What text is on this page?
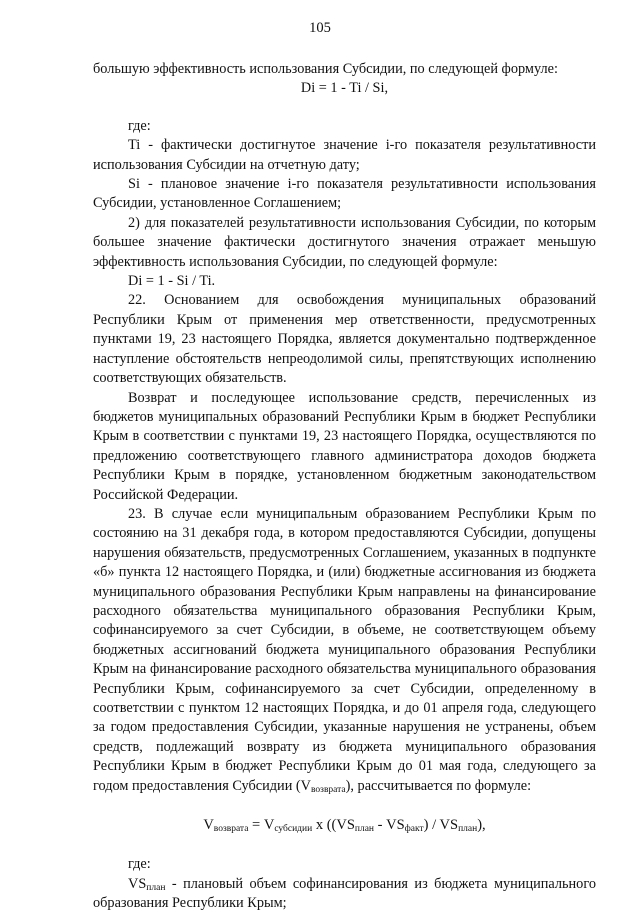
105

большую эффективность использования Субсидии, по следующей формуле:

Di = 1 - Ti / Si,

где:

Ti - фактически достигнутое значение i-го показателя результативности использования Субсидии на отчетную дату;

Si - плановое значение i-го показателя результативности использования Субсидии, установленное Соглашением;

2) для показателей результативности использования Субсидии, по которым большее значение фактически достигнутого значения отражает меньшую эффективность использования Субсидии, по следующей формуле:

Di = 1 - Si / Ti.

22. Основанием для освобождения муниципальных образований Республики Крым от применения мер ответственности, предусмотренных пунктами 19, 23 настоящего Порядка, является документально подтвержденное наступление обстоятельств непреодолимой силы, препятствующих исполнению соответствующих обязательств.

Возврат и последующее использование средств, перечисленных из бюджетов муниципальных образований Республики Крым в бюджет Республики Крым в соответствии с пунктами 19, 23 настоящего Порядка, осуществляются по предложению соответствующего главного администратора доходов бюджета Республики Крым в порядке, установленном бюджетным законодательством Российской Федерации.

23. В случае если муниципальным образованием Республики Крым по состоянию на 31 декабря года, в котором предоставляются Субсидии, допущены нарушения обязательств, предусмотренных Соглашением, указанных в подпункте «б» пункта 12 настоящего Порядка, и (или) бюджетные ассигнования из бюджета муниципального образования Республики Крым направлены на финансирование расходного обязательства муниципального образования Республики Крым, софинансируемого за счет Субсидии, в объеме, не соответствующем объему бюджетных ассигнований бюджета муниципального образования Республики Крым на финансирование расходного обязательства муниципального образования Республики Крым, софинансируемого за счет Субсидии, определенному в соответствии с пунктом 12 настоящих Порядка, и до 01 апреля года, следующего за годом предоставления Субсидии, указанные нарушения не устранены, объем средств, подлежащий возврату из бюджета муниципального образования Республики Крым в бюджет Республики Крым до 01 мая года, следующего за годом предоставления Субсидии $(V_{возврата})$, рассчитывается по формуле:

$V_{возврата} = V_{субсидии}$ x $((VS_{план} - VS_{факт}) / VS_{план})$,

где:

$VS_{план}$ - плановый объем софинансирования из бюджета муниципального образования Республики Крым;
